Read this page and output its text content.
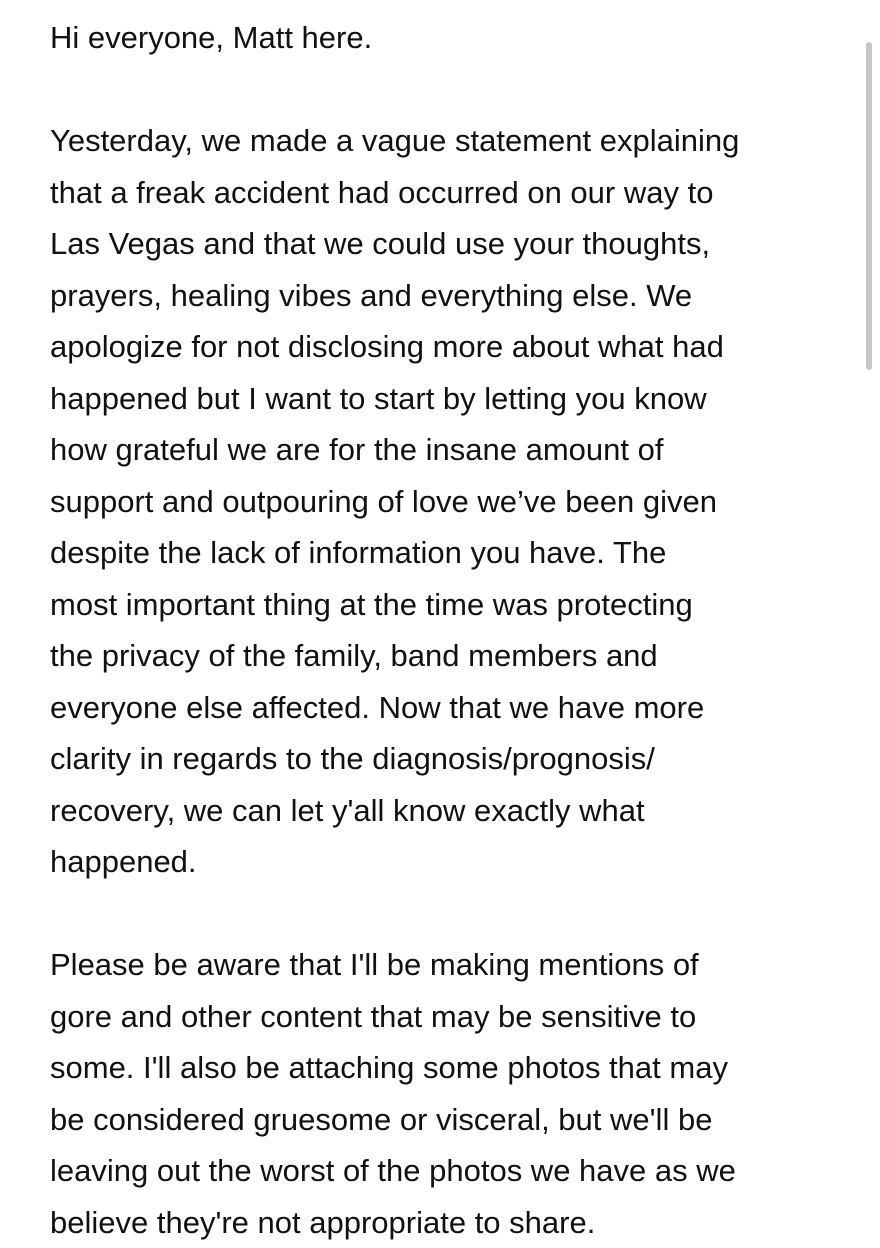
Hi everyone, Matt here.
Yesterday, we made a vague statement explaining
that a freak accident had occurred on our way to
Las Vegas and that we could use your thoughts,
prayers, healing vibes and everything else. We
apologize for not disclosing more about what had
happened but I want to start by letting you know
how grateful we are for the insane amount of
support and outpouring of love we’ve been given
despite the lack of information you have. The
most important thing at the time was protecting
the privacy of the family, band members and
everyone else affected. Now that we have more
clarity in regards to the diagnosis/prognosis/
recovery, we can let y'all know exactly what
happened.
Please be aware that I'll be making mentions of
gore and other content that may be sensitive to
some. I'll also be attaching some photos that may
be considered gruesome or visceral, but we'll be
leaving out the worst of the photos we have as we
believe they're not appropriate to share.
